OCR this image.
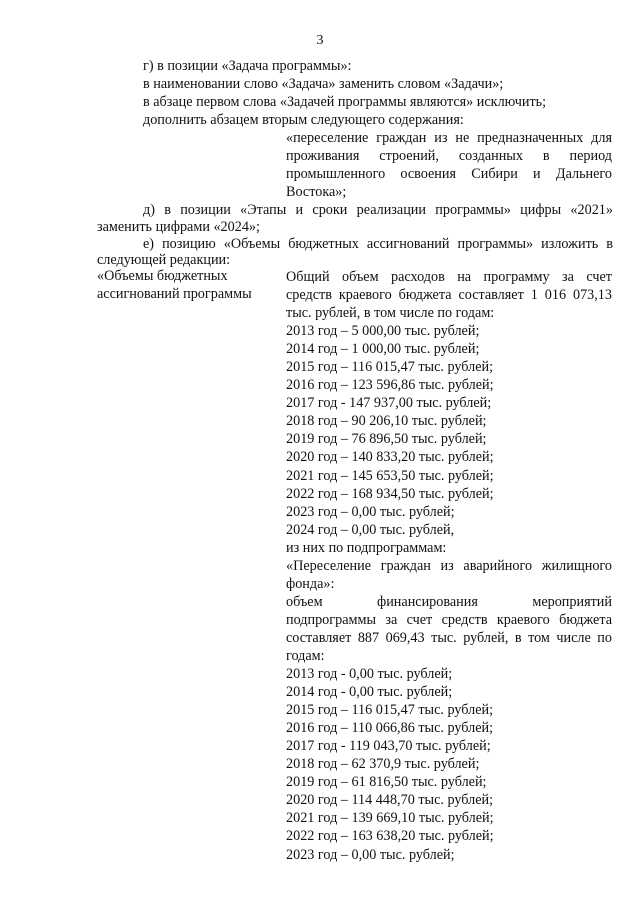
3
г) в позиции «Задача программы»:
в наименовании слово «Задача» заменить словом «Задачи»;
в абзаце первом слова «Задачей программы являются» исключить;
дополнить абзацем вторым следующего содержания:
«переселение граждан из не предназначенных для
проживания строений, созданных в период
промышленного освоения Сибири и Дальнего
Востока»;
д) в позиции «Этапы и сроки реализации программы» цифры «2021»
заменить цифрами «2024»;
е) позицию «Объемы бюджетных ассигнований программы» изложить в
следующей редакции:
«Объемы бюджетных
ассигнований программы
Общий объем расходов на программу за счет
средств краевого бюджета составляет 1 016 073,13
тыс. рублей, в том числе по годам:
2013 год – 5 000,00 тыс. рублей;
2014 год – 1 000,00 тыс. рублей;
2015 год – 116 015,47 тыс. рублей;
2016 год – 123 596,86 тыс. рублей;
2017 год - 147 937,00 тыс. рублей;
2018 год – 90 206,10 тыс. рублей;
2019 год – 76 896,50 тыс. рублей;
2020 год – 140 833,20 тыс. рублей;
2021 год – 145 653,50 тыс. рублей;
2022 год – 168 934,50 тыс. рублей;
2023 год – 0,00 тыс. рублей;
2024 год – 0,00 тыс. рублей,
из них по подпрограммам:
«Переселение граждан из аварийного жилищного
фонда»:
объем финансирования мероприятий
подпрограммы за счет средств краевого бюджета
составляет 887 069,43 тыс. рублей, в том числе по
годам:
2013 год - 0,00 тыс. рублей;
2014 год - 0,00 тыс. рублей;
2015 год – 116 015,47 тыс. рублей;
2016 год – 110 066,86 тыс. рублей;
2017 год - 119 043,70 тыс. рублей;
2018 год – 62 370,9 тыс. рублей;
2019 год – 61 816,50 тыс. рублей;
2020 год – 114 448,70 тыс. рублей;
2021 год – 139 669,10 тыс. рублей;
2022 год – 163 638,20 тыс. рублей;
2023 год – 0,00 тыс. рублей;
